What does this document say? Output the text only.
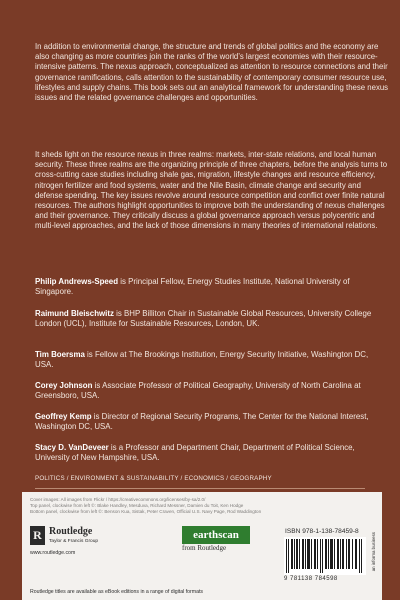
In addition to environmental change, the structure and trends of global politics and the economy are also changing as more countries join the ranks of the world’s largest economies with their resource-intensive patterns. The nexus approach, conceptualized as attention to resource connections and their governance ramifications, calls attention to the sustainability of contemporary consumer resource use, lifestyles and supply chains. This book sets out an analytical framework for understanding these nexus issues and the related governance challenges and opportunities.
It sheds light on the resource nexus in three realms: markets, inter-state relations, and local human security. These three realms are the organizing principle of three chapters, before the analysis turns to cross-cutting case studies including shale gas, migration, lifestyle changes and resource efficiency, nitrogen fertilizer and food systems, water and the Nile Basin, climate change and security and defense spending. The key issues revolve around resource competition and conflict over finite natural resources. The authors highlight opportunities to improve both the understanding of nexus challenges and their governance. They critically discuss a global governance approach versus polycentric and multi-level approaches, and the lack of those dimensions in many theories of international relations.
Philip Andrews-Speed is Principal Fellow, Energy Studies Institute, National University of Singapore.
Raimund Bleischwitz is BHP Billiton Chair in Sustainable Global Resources, University College London (UCL), Institute for Sustainable Resources, London, UK.
Tim Boersma is Fellow at The Brookings Institution, Energy Security Initiative, Washington DC, USA.
Corey Johnson is Associate Professor of Political Geography, University of North Carolina at Greensboro, USA.
Geoffrey Kemp is Director of Regional Security Programs, The Center for the National Interest, Washington DC, USA.
Stacy D. VanDeveer is a Professor and Department Chair, Department of Political Science, University of New Hampshire, USA.
POLITICS / ENVIRONMENT & SUSTAINABILITY / ECONOMICS / GEOGRAPHY
Cover images: All images from Flickr / https://creativecommons.org/licenses/by-sa/2.0/
Top panel, clockwise from left ©: Blake Handley, Mesduva, Richard Messner, Damien du Toit, Ken Hodge
Bottom panel, clockwise from left ©: Benson Kua, Sistak, Peter Craven, Official U.S. Navy Page, Rod Waddington
R Routledge
Taylor & Francis Group
www.routledge.com
earthscan
from Routledge
ISBN 978-1-138-78459-8
9 781138 784598
an informa business
Routledge titles are available as eBook editions in a range of digital formats
